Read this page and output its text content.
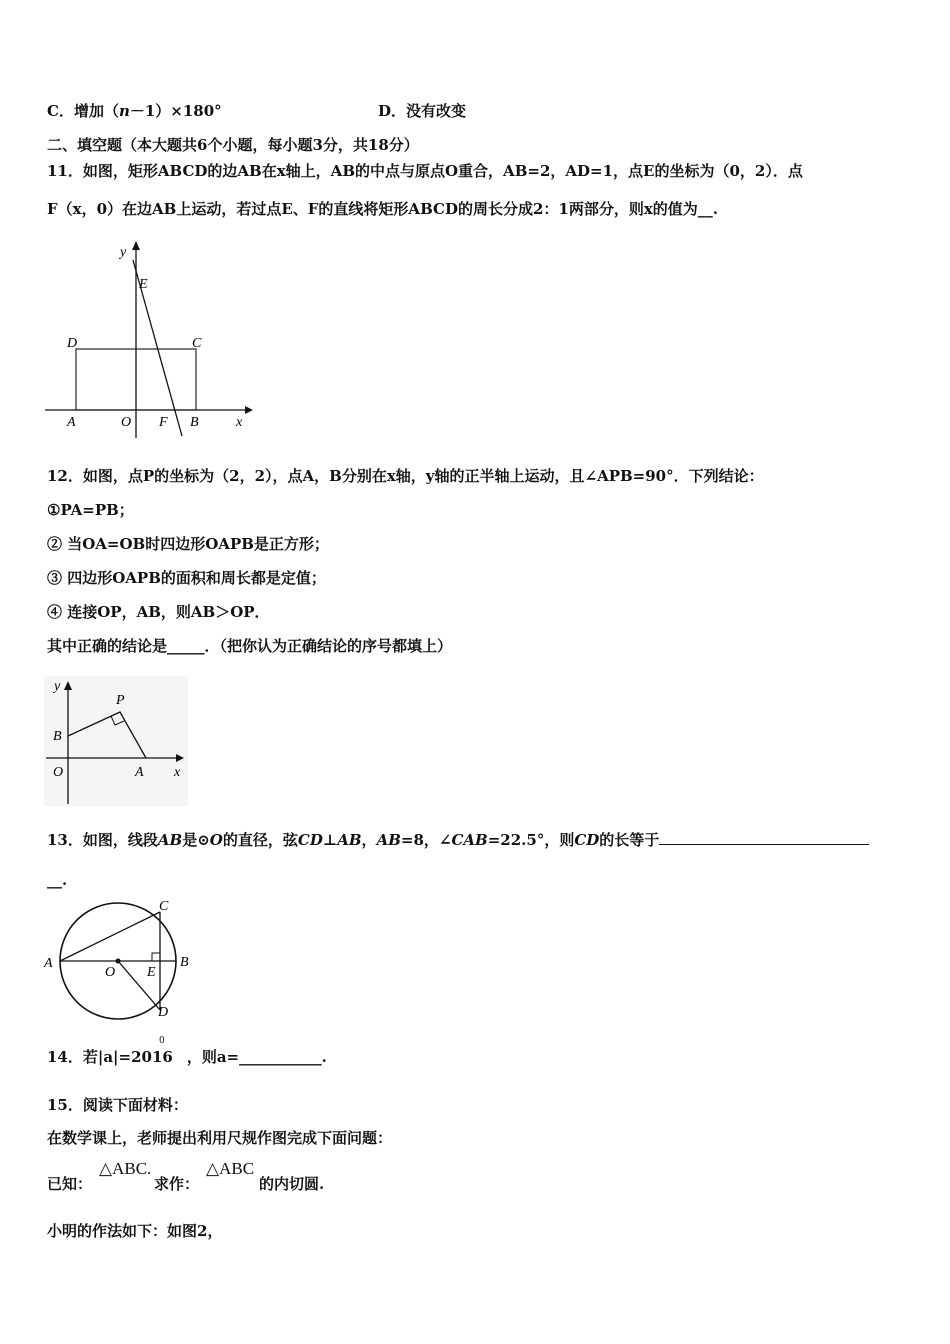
C．增加（n－1）×180°	D．没有改变
二、填空题（本大题共6个小题，每小题3分，共18分）
11．如图，矩形ABCD的边AB在x轴上，AB的中点与原点O重合，AB=2，AD=1，点E的坐标为（0，2）．点
F（x，0）在边AB上运动，若过点E、F的直线将矩形ABCD的周长分成2：1两部分，则x的值为__.
y
E
D	C
A	O F B	x
12．如图，点P的坐标为（2，2），点A，B分别在x轴，y轴的正半轴上运动，且∠APB=90°．下列结论：
①PA=PB；
② 当OA=OB时四边形OAPB是正方形；
③ 四边形OAPB的面积和周长都是定值；
④ 连接OP，AB，则AB＞OP．
其中正确的结论是_____．（把你认为正确结论的序号都填上）
y
P
B
O	A x
13．如图，线段AB是⊙O的直径，弦CD⊥AB，AB=8，∠CAB=22.5°，则CD的长等于
__.
A
O E
B
C
D
14．若|a|=2016 ，则a=___________.
0
15．阅读下面材料：
在数学课上，老师提出利用尺规作图完成下面问题：
已知：
△ABC.
求作：
△ABC
的内切圆.
小明的作法如下：如图2，
